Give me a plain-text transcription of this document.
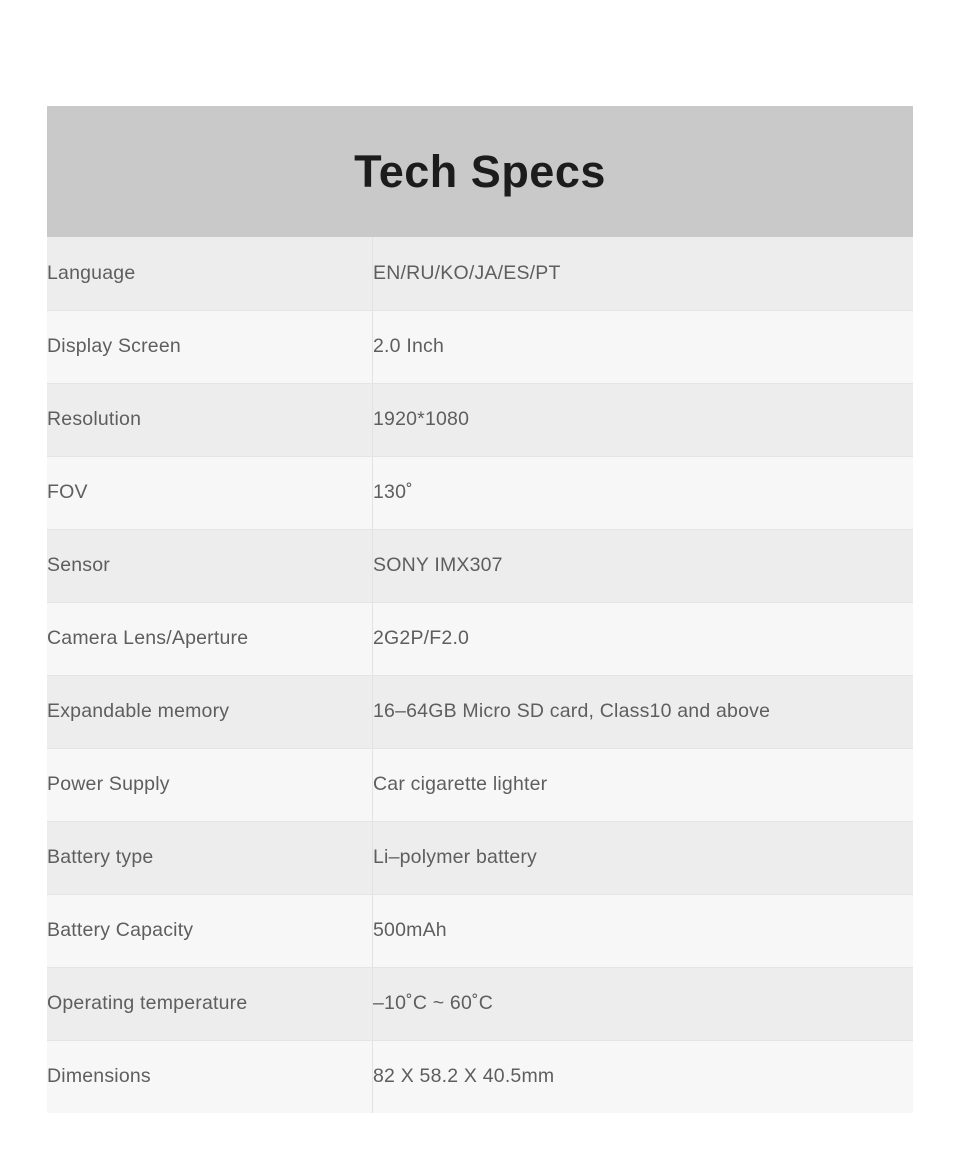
Tech Specs
Language	EN/RU/KO/JA/ES/PT
Display Screen	2.0 Inch
Resolution	1920*1080
FOV	130˚
Sensor	SONY IMX307
Camera Lens/Aperture	2G2P/F2.0
Expandable memory	16–64GB Micro SD card, Class10 and above
Power Supply	Car cigarette lighter
Battery type	Li–polymer battery
Battery Capacity	500mAh
Operating temperature	–10˚C ~ 60˚C
Dimensions	82 X 58.2 X 40.5mm
